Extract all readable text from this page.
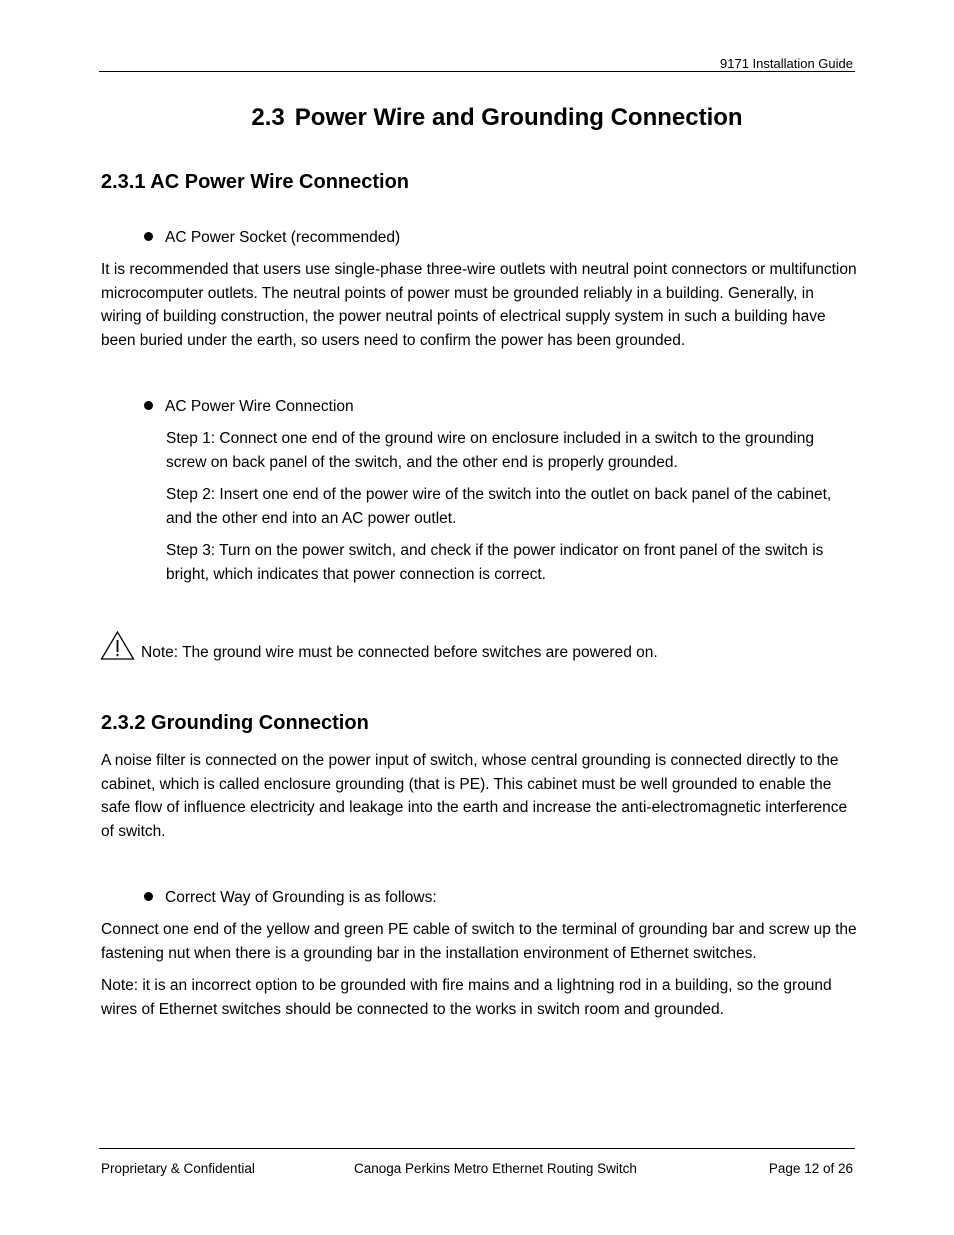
9171 Installation Guide
2.3 Power Wire and Grounding Connection
2.3.1 AC Power Wire Connection
AC Power Socket (recommended)

It is recommended that users use single-phase three-wire outlets with neutral point connectors or multifunction microcomputer outlets. The neutral points of power must be grounded reliably in a building. Generally, in wiring of building construction, the power neutral points of electrical supply system in such a building have been buried under the earth, so users need to confirm the power has been grounded.

AC Power Wire Connection

Step 1: Connect one end of the ground wire on enclosure included in a switch to the grounding screw on back panel of the switch, and the other end is properly grounded.

Step 2: Insert one end of the power wire of the switch into the outlet on back panel of the cabinet, and the other end into an AC power outlet.

Step 3: Turn on the power switch, and check if the power indicator on front panel of the switch is bright, which indicates that power connection is correct.

Note: The ground wire must be connected before switches are powered on.
2.3.2 Grounding Connection

A noise filter is connected on the power input of switch, whose central grounding is connected directly to the cabinet, which is called enclosure grounding (that is PE). This cabinet must be well grounded to enable the safe flow of influence electricity and leakage into the earth and increase the anti-electromagnetic interference of switch.

Correct Way of Grounding is as follows:

Connect one end of the yellow and green PE cable of switch to the terminal of grounding bar and screw up the fastening nut when there is a grounding bar in the installation environment of Ethernet switches.

Note: it is an incorrect option to be grounded with fire mains and a lightning rod in a building, so the ground wires of Ethernet switches should be connected to the works in switch room and grounded.

Proprietary & Confidential	Canoga Perkins Metro Ethernet Routing Switch	Page 12 of 26
